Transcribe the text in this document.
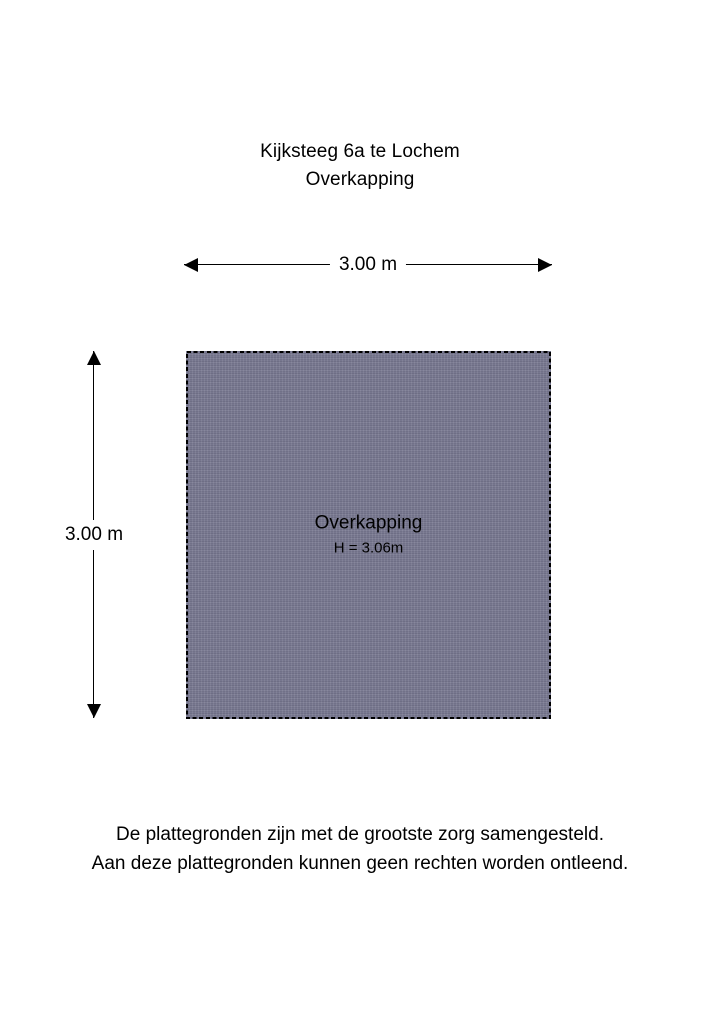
Kijksteeg 6a te Lochem
Overkapping
3.00 m
3.00 m
Overkapping
H = 3.06m
De plattegronden zijn met de grootste zorg samengesteld.
Aan deze plattegronden kunnen geen rechten worden ontleend.
